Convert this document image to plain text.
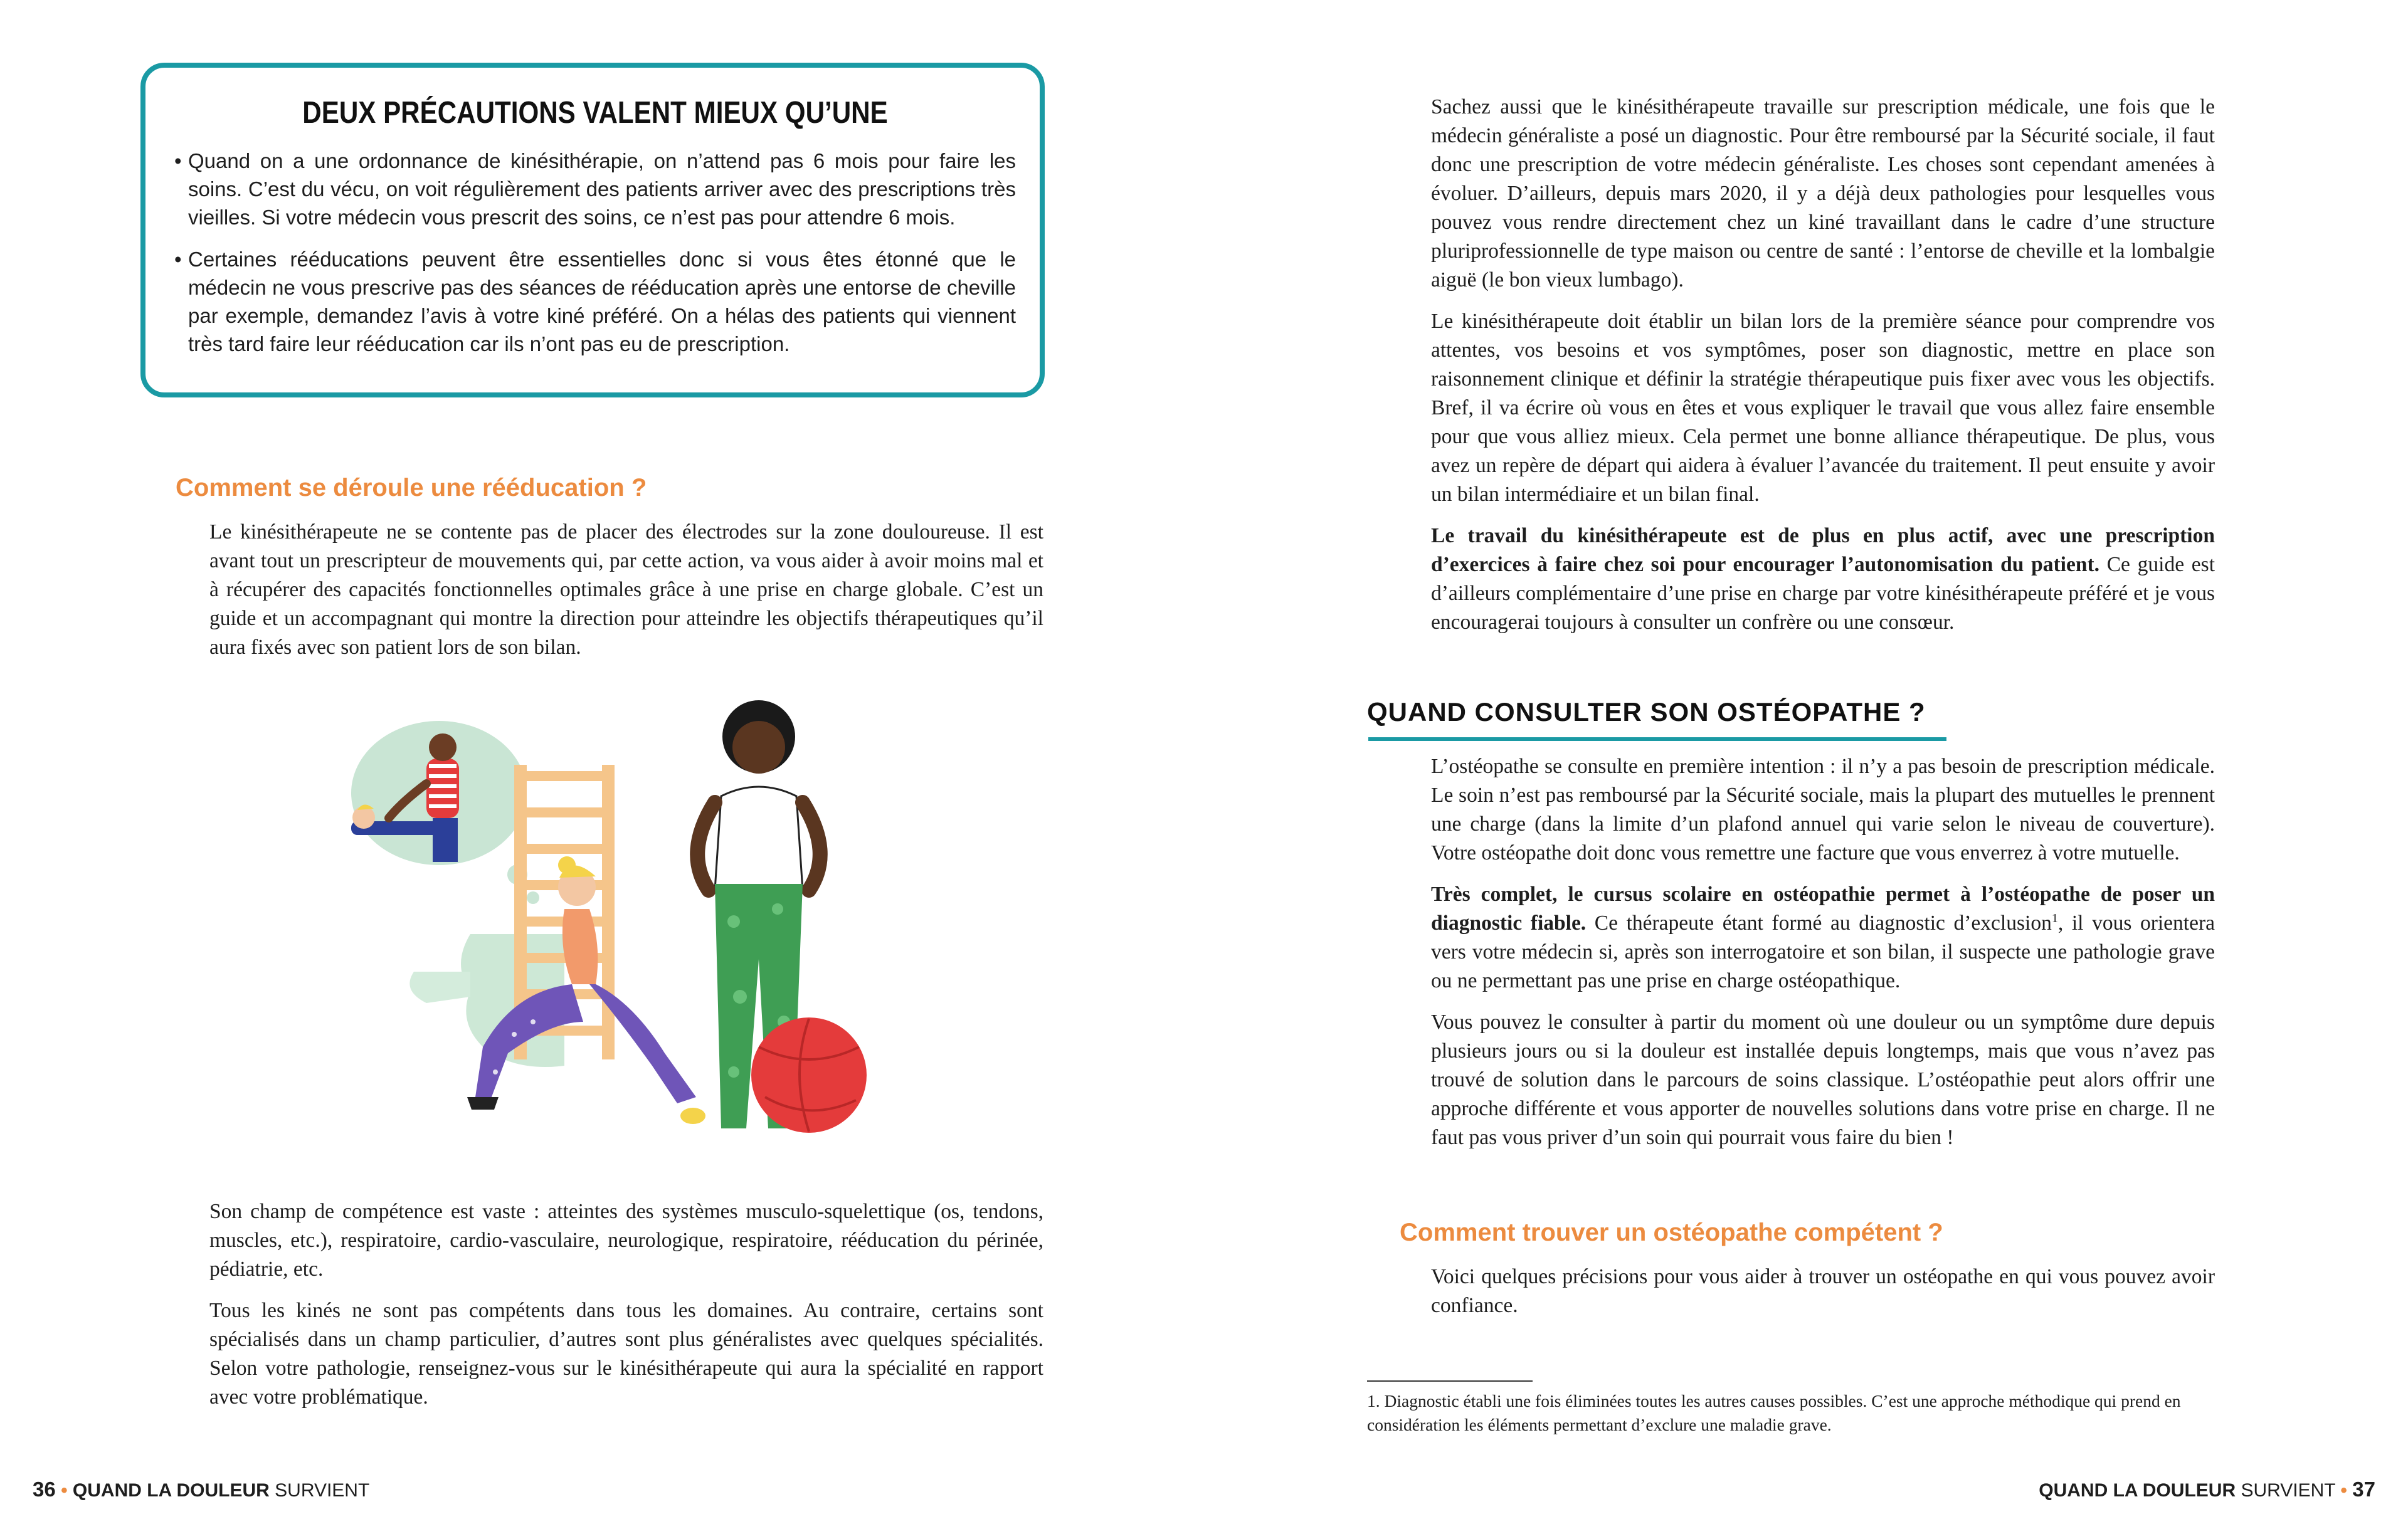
DEUX PRÉCAUTIONS VALENT MIEUX QU’UNE
• Quand on a une ordonnance de kinésithérapie, on n’attend pas 6 mois pour faire les soins. C’est du vécu, on voit régulièrement des patients arriver avec des prescriptions très vieilles. Si votre médecin vous prescrit des soins, ce n’est pas pour attendre 6 mois.
• Certaines rééducations peuvent être essentielles donc si vous êtes étonné que le médecin ne vous prescrive pas des séances de rééducation après une entorse de cheville par exemple, demandez l’avis à votre kiné préféré. On a hélas des patients qui viennent très tard faire leur rééducation car ils n’ont pas eu de prescription.
Comment se déroule une rééducation ?

Le kinésithérapeute ne se contente pas de placer des électrodes sur la zone douloureuse. Il est avant tout un prescripteur de mouvements qui, par cette action, va vous aider à avoir moins mal et à récupérer des capacités fonctionnelles optimales grâce à une prise en charge globale. C’est un guide et un accompagnant qui montre la direction pour atteindre les objectifs thérapeutiques qu’il aura fixés avec son patient lors de son bilan.

Son champ de compétence est vaste : atteintes des systèmes musculo-squelettique (os, tendons, muscles, etc.), respiratoire, cardio-vasculaire, neurologique, respiratoire, rééducation du périnée, pédiatrie, etc.

Tous les kinés ne sont pas compétents dans tous les domaines. Au contraire, certains sont spécialisés dans un champ particulier, d’autres sont plus généralistes avec quelques spécialités. Selon votre pathologie, renseignez-vous sur le kinésithérapeute qui aura la spécialité en rapport avec votre problématique.

36 • QUAND LA DOULEUR SURVIENT

Sachez aussi que le kinésithérapeute travaille sur prescription médicale, une fois que le médecin généraliste a posé un diagnostic. Pour être remboursé par la Sécurité sociale, il faut donc une prescription de votre médecin généraliste. Les choses sont cependant amenées à évoluer. D’ailleurs, depuis mars 2020, il y a déjà deux pathologies pour lesquelles vous pouvez vous rendre directement chez un kiné travaillant dans le cadre d’une structure pluriprofessionnelle de type maison ou centre de santé : l’entorse de cheville et la lombalgie aiguë (le bon vieux lumbago).

Le kinésithérapeute doit établir un bilan lors de la première séance pour comprendre vos attentes, vos besoins et vos symptômes, poser son diagnostic, mettre en place son raisonnement clinique et définir la stratégie thérapeutique puis fixer avec vous les objectifs. Bref, il va écrire où vous en êtes et vous expliquer le travail que vous allez faire ensemble pour que vous alliez mieux. Cela permet une bonne alliance thérapeutique. De plus, vous avez un repère de départ qui aidera à évaluer l’avancée du traitement. Il peut ensuite y avoir un bilan intermédiaire et un bilan final.

Le travail du kinésithérapeute est de plus en plus actif, avec une prescription d’exercices à faire chez soi pour encourager l’autonomisation du patient. Ce guide est d’ailleurs complémentaire d’une prise en charge par votre kinésithérapeute préféré et je vous encouragerai toujours à consulter un confrère ou une consœur.

QUAND CONSULTER SON OSTÉOPATHE ?

L’ostéopathe se consulte en première intention : il n’y a pas besoin de prescription médicale. Le soin n’est pas remboursé par la Sécurité sociale, mais la plupart des mutuelles le prennent une charge (dans la limite d’un plafond annuel qui varie selon le niveau de couverture). Votre ostéopathe doit donc vous remettre une facture que vous enverrez à votre mutuelle.

Très complet, le cursus scolaire en ostéopathie permet à l’ostéopathe de poser un diagnostic fiable. Ce thérapeute étant formé au diagnostic d’exclusion$^1$, il vous orientera vers votre médecin si, après son interrogatoire et son bilan, il suspecte une pathologie grave ou ne permettant pas une prise en charge ostéopathique.

Vous pouvez le consulter à partir du moment où une douleur ou un symptôme dure depuis plusieurs jours ou si la douleur est installée depuis longtemps, mais que vous n’avez pas trouvé de solution dans le parcours de soins classique. L’ostéopathie peut alors offrir une approche différente et vous apporter de nouvelles solutions dans votre prise en charge. Il ne faut pas vous priver d’un soin qui pourrait vous faire du bien !

Comment trouver un ostéopathe compétent ?

Voici quelques précisions pour vous aider à trouver un ostéopathe en qui vous pouvez avoir confiance.

1. Diagnostic établi une fois éliminées toutes les autres causes possibles. C’est une approche méthodique qui prend en considération les éléments permettant d’exclure une maladie grave.
QUAND LA DOULEUR SURVIENT • 37
